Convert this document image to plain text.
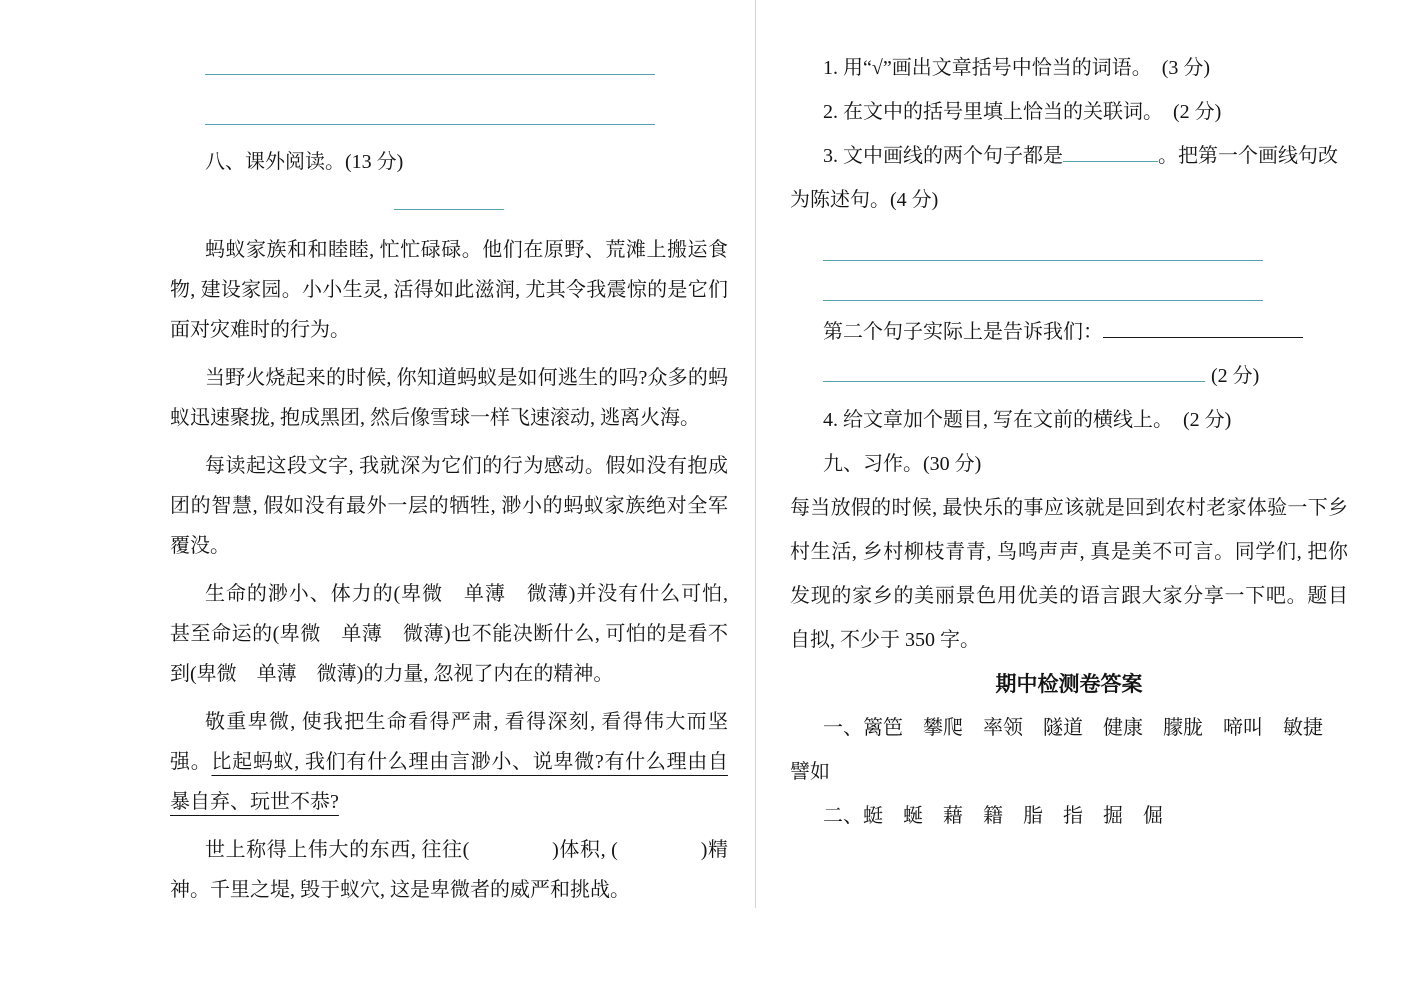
八、课外阅读。(13 分)

蚂蚁家族和和睦睦, 忙忙碌碌。他们在原野、荒滩上搬运食物, 建设家园。小小生灵, 活得如此滋润, 尤其令我震惊的是它们面对灾难时的行为。

当野火烧起来的时候, 你知道蚂蚁是如何逃生的吗?众多的蚂蚁迅速聚拢, 抱成黑团, 然后像雪球一样飞速滚动, 逃离火海。

每读起这段文字, 我就深为它们的行为感动。假如没有抱成团的智慧, 假如没有最外一层的牺牲, 渺小的蚂蚁家族绝对全军覆没。

生命的渺小、体力的(卑微　单薄　微薄)并没有什么可怕, 甚至命运的(卑微　单薄　微薄)也不能决断什么, 可怕的是看不到(卑微　单薄　微薄)的力量, 忽视了内在的精神。

敬重卑微, 使我把生命看得严肃, 看得深刻, 看得伟大而坚强。比起蚂蚁, 我们有什么理由言渺小、说卑微?有什么理由自暴自弃、玩世不恭?

世上称得上伟大的东西, 往往(　　　　)体积, (　　　　)精神。千里之堤, 毁于蚁穴, 这是卑微者的威严和挑战。

1. 用“√”画出文章括号中恰当的词语。　(3 分)

2. 在文中的括号里填上恰当的关联词。　(2 分)

3. 文中画线的两个句子都是	。把第一个画线句改为陈述句。(4 分)

第二个句子实际上是告诉我们：

(2 分)

4. 给文章加个题目, 写在文前的横线上。　(2 分)

九、习作。(30 分)

每当放假的时候, 最快乐的事应该就是回到农村老家体验一下乡村生活, 乡村柳枝青青, 鸟鸣声声, 真是美不可言。同学们, 把你发现的家乡的美丽景色用优美的语言跟大家分享一下吧。题目自拟, 不少于 350 字。

期中检测卷答案

一、篱笆　攀爬　率领　隧道　健康　朦胧　啼叫　敏捷　譬如

二、蜓　蜒　藉　籍　脂　指　掘　倔
